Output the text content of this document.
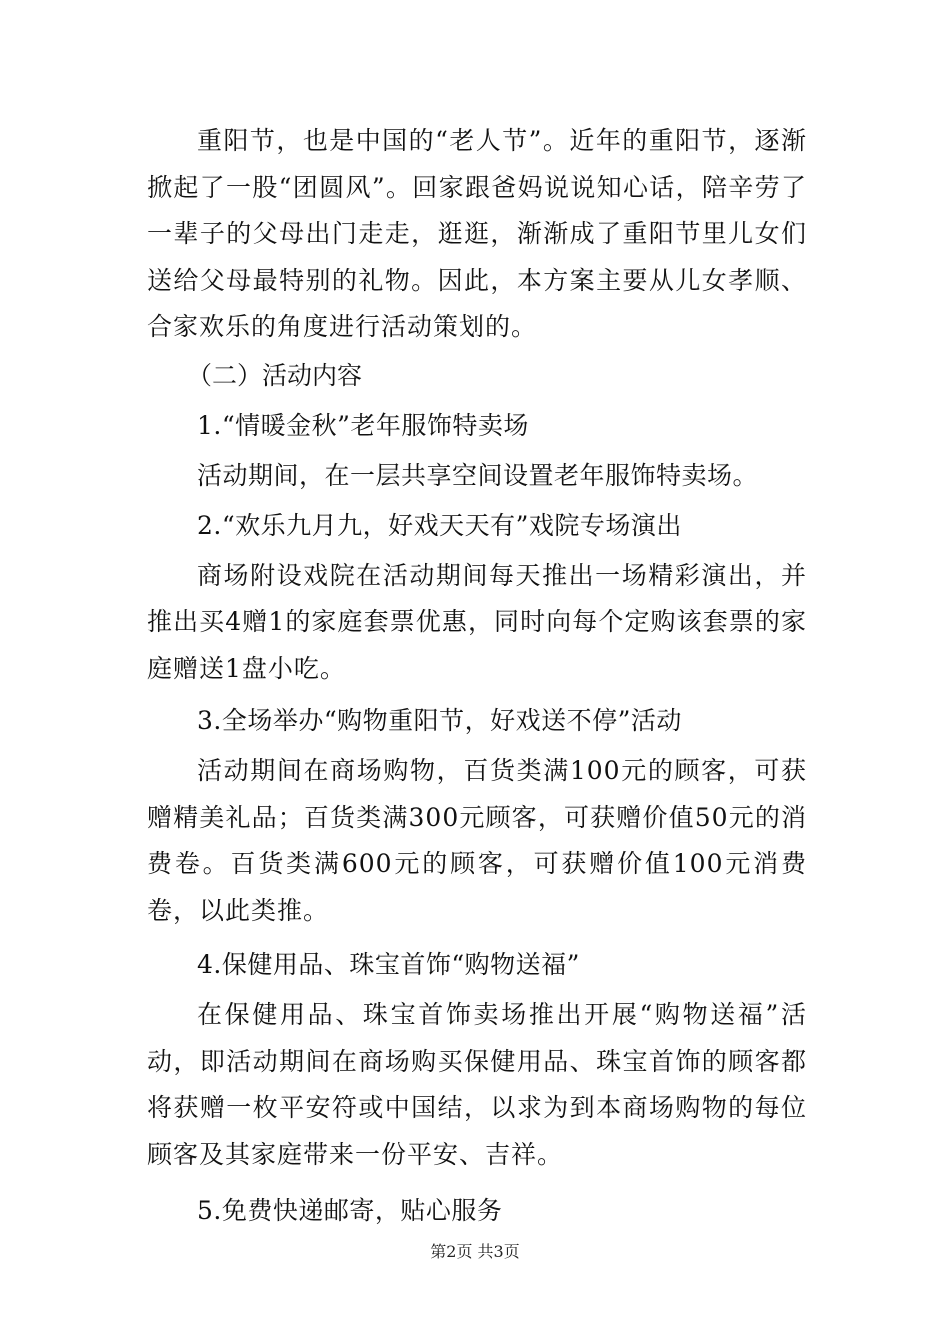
重阳节，也是中国的“老人节”。近年的重阳节，逐渐掀起了一股“团圆风”。回家跟爸妈说说知心话，陪辛劳了一辈子的父母出门走走，逛逛，渐渐成了重阳节里儿女们送给父母最特别的礼物。因此，本方案主要从儿女孝顺、合家欢乐的角度进行活动策划的。

（二）活动内容

1.“情暖金秋”老年服饰特卖场

活动期间，在一层共享空间设置老年服饰特卖场。

2.“欢乐九月九，好戏天天有”戏院专场演出

商场附设戏院在活动期间每天推出一场精彩演出，并推出买4赠1的家庭套票优惠，同时向每个定购该套票的家庭赠送1盘小吃。

3.全场举办“购物重阳节，好戏送不停”活动

活动期间在商场购物，百货类满100元的顾客，可获赠精美礼品；百货类满300元顾客，可获赠价值50元的消费卷。百货类满600元的顾客，可获赠价值100元消费卷，以此类推。

4.保健用品、珠宝首饰“购物送福”

在保健用品、珠宝首饰卖场推出开展“购物送福”活动，即活动期间在商场购买保健用品、珠宝首饰的顾客都将获赠一枚平安符或中国结，以求为到本商场购物的每位顾客及其家庭带来一份平安、吉祥。

5.免费快递邮寄，贴心服务

第2页 共3页
